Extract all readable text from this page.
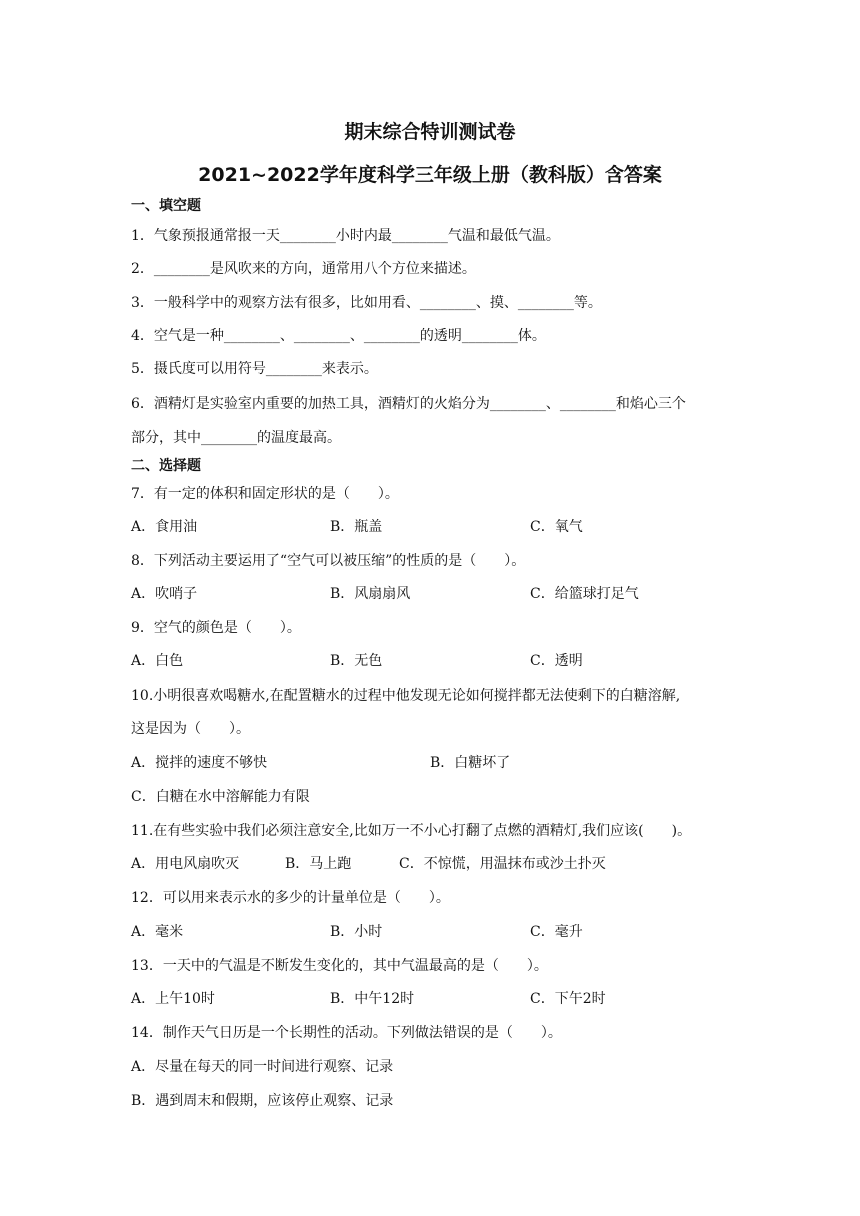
期末综合特训测试卷
2021~2022学年度科学三年级上册（教科版）含答案
一、填空题
1．气象预报通常报一天________小时内最________气温和最低气温。
2．________是风吹来的方向，通常用八个方位来描述。
3．一般科学中的观察方法有很多，比如用看、________、摸、________等。
4．空气是一种________、________、________的透明________体。
5．摄氏度可以用符号________来表示。
6．酒精灯是实验室内重要的加热工具，酒精灯的火焰分为________、________和焰心三个
部分，其中________的温度最高。
二、选择题
7．有一定的体积和固定形状的是（　　）。
A．食用油	B．瓶盖	C．氧气
8．下列活动主要运用了“空气可以被压缩”的性质的是（　　）。
A．吹哨子	B．风扇扇风	C．给篮球打足气
9．空气的颜色是（　　）。
A．白色	B．无色	C．透明
10.小明很喜欢喝糖水,在配置糖水的过程中他发现无论如何搅拌都无法使剩下的白糖溶解,
这是因为（　　）。
A．搅拌的速度不够快	B．白糖坏了
C．白糖在水中溶解能力有限
11.在有些实验中我们必须注意安全,比如万一不小心打翻了点燃的酒精灯,我们应该(　　)。
A．用电风扇吹灭	B．马上跑	C．不惊慌，用温抹布或沙土扑灭
12．可以用来表示水的多少的计量单位是（　　）。
A．毫米	B．小时	C．毫升
13．一天中的气温是不断发生变化的，其中气温最高的是（　　）。
A．上午10时	B．中午12时	C．下午2时
14．制作天气日历是一个长期性的活动。下列做法错误的是（　　）。
A．尽量在每天的同一时间进行观察、记录
B．遇到周末和假期，应该停止观察、记录
